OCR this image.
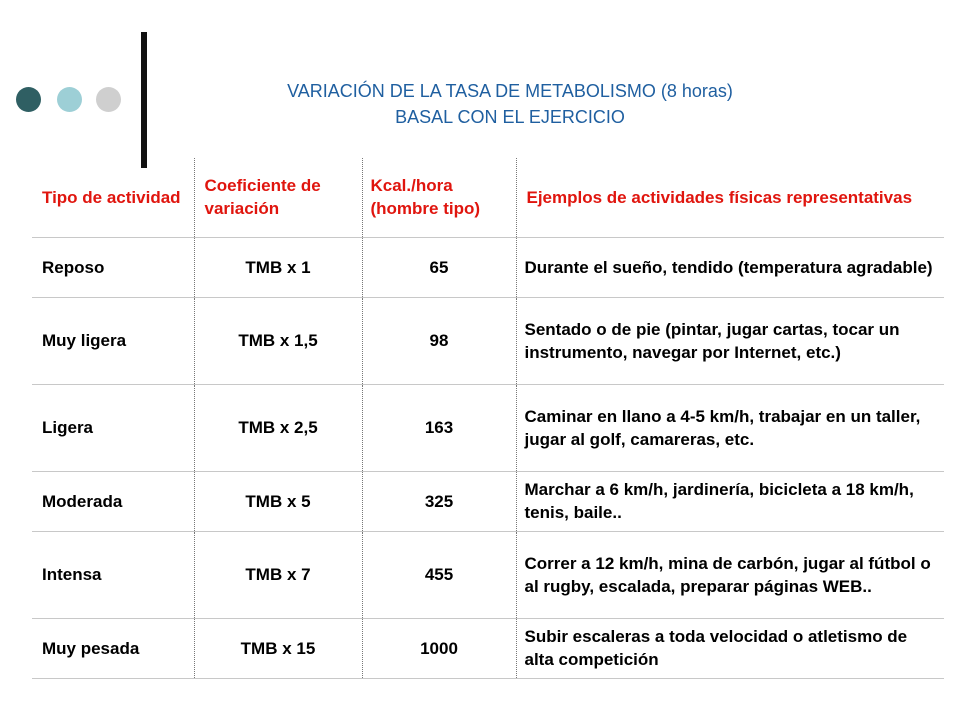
VARIACIÓN DE LA TASA DE METABOLISMO (8 horas)
BASAL CON EL EJERCICIO
Tipo de actividad	Coeficiente de variación	Kcal./hora (hombre tipo)	Ejemplos de actividades físicas representativas
Reposo	TMB x 1	65	Durante el sueño, tendido (temperatura agradable)
Muy ligera	TMB x 1,5	98	Sentado o de pie (pintar, jugar cartas, tocar un instrumento, navegar por Internet, etc.)
Ligera	TMB x 2,5	163	Caminar en llano a 4-5 km/h, trabajar en un taller, jugar al golf, camareras, etc.
Moderada	TMB x 5	325	Marchar a 6 km/h, jardinería, bicicleta a 18 km/h, tenis, baile..
Intensa	TMB x 7	455	Correr a 12 km/h, mina de carbón, jugar al fútbol o al rugby, escalada, preparar páginas WEB..
Muy pesada	TMB x 15	1000	Subir escaleras a toda velocidad o atletismo de alta competición
